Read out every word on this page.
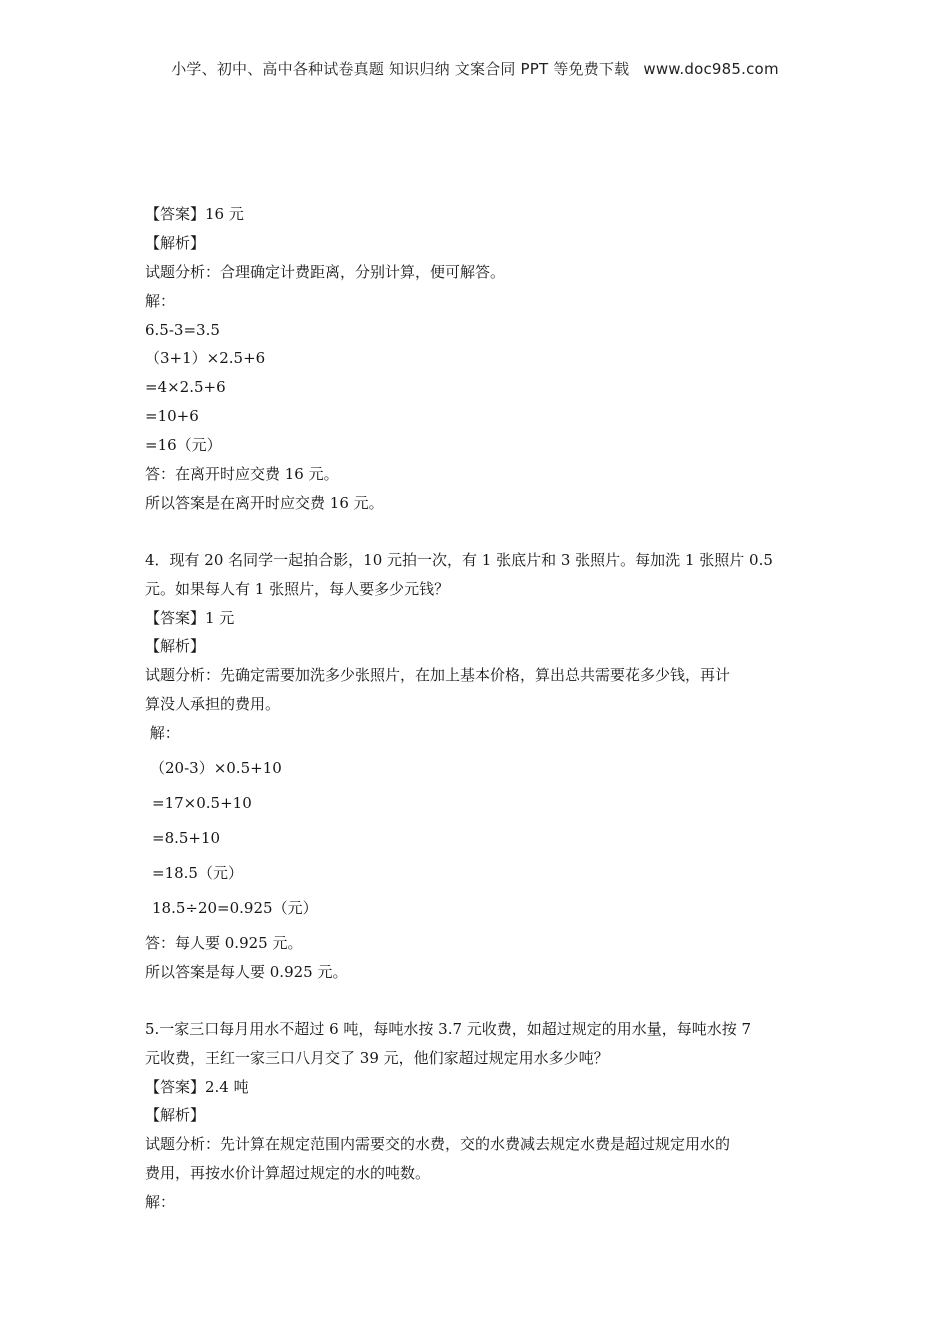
小学、初中、高中各种试卷真题 知识归纳 文案合同 PPT 等免费下载 www.doc985.com
【答案】16 元
【解析】
试题分析：合理确定计费距离，分别计算，便可解答。
解：
6.5-3=3.5
（3+1）×2.5+6
=4×2.5+6
=10+6
=16（元）
答：在离开时应交费 16 元。
所以答案是在离开时应交费 16 元。
4．现有 20 名同学一起拍合影，10 元拍一次，有 1 张底片和 3 张照片。每加洗 1 张照片 0.5
元。如果每人有 1 张照片，每人要多少元钱？
【答案】1 元
【解析】
试题分析：先确定需要加洗多少张照片，在加上基本价格，算出总共需要花多少钱，再计
算没人承担的费用。
解：
（20-3）×0.5+10
=17×0.5+10
=8.5+10
=18.5（元）
18.5÷20=0.925（元）
答：每人要 0.925 元。
所以答案是每人要 0.925 元。
5.一家三口每月用水不超过 6 吨，每吨水按 3.7 元收费，如超过规定的用水量，每吨水按 7
元收费，王红一家三口八月交了 39 元，他们家超过规定用水多少吨？
【答案】2.4 吨
【解析】
试题分析：先计算在规定范围内需要交的水费，交的水费减去规定水费是超过规定用水的
费用，再按水价计算超过规定的水的吨数。
解：
